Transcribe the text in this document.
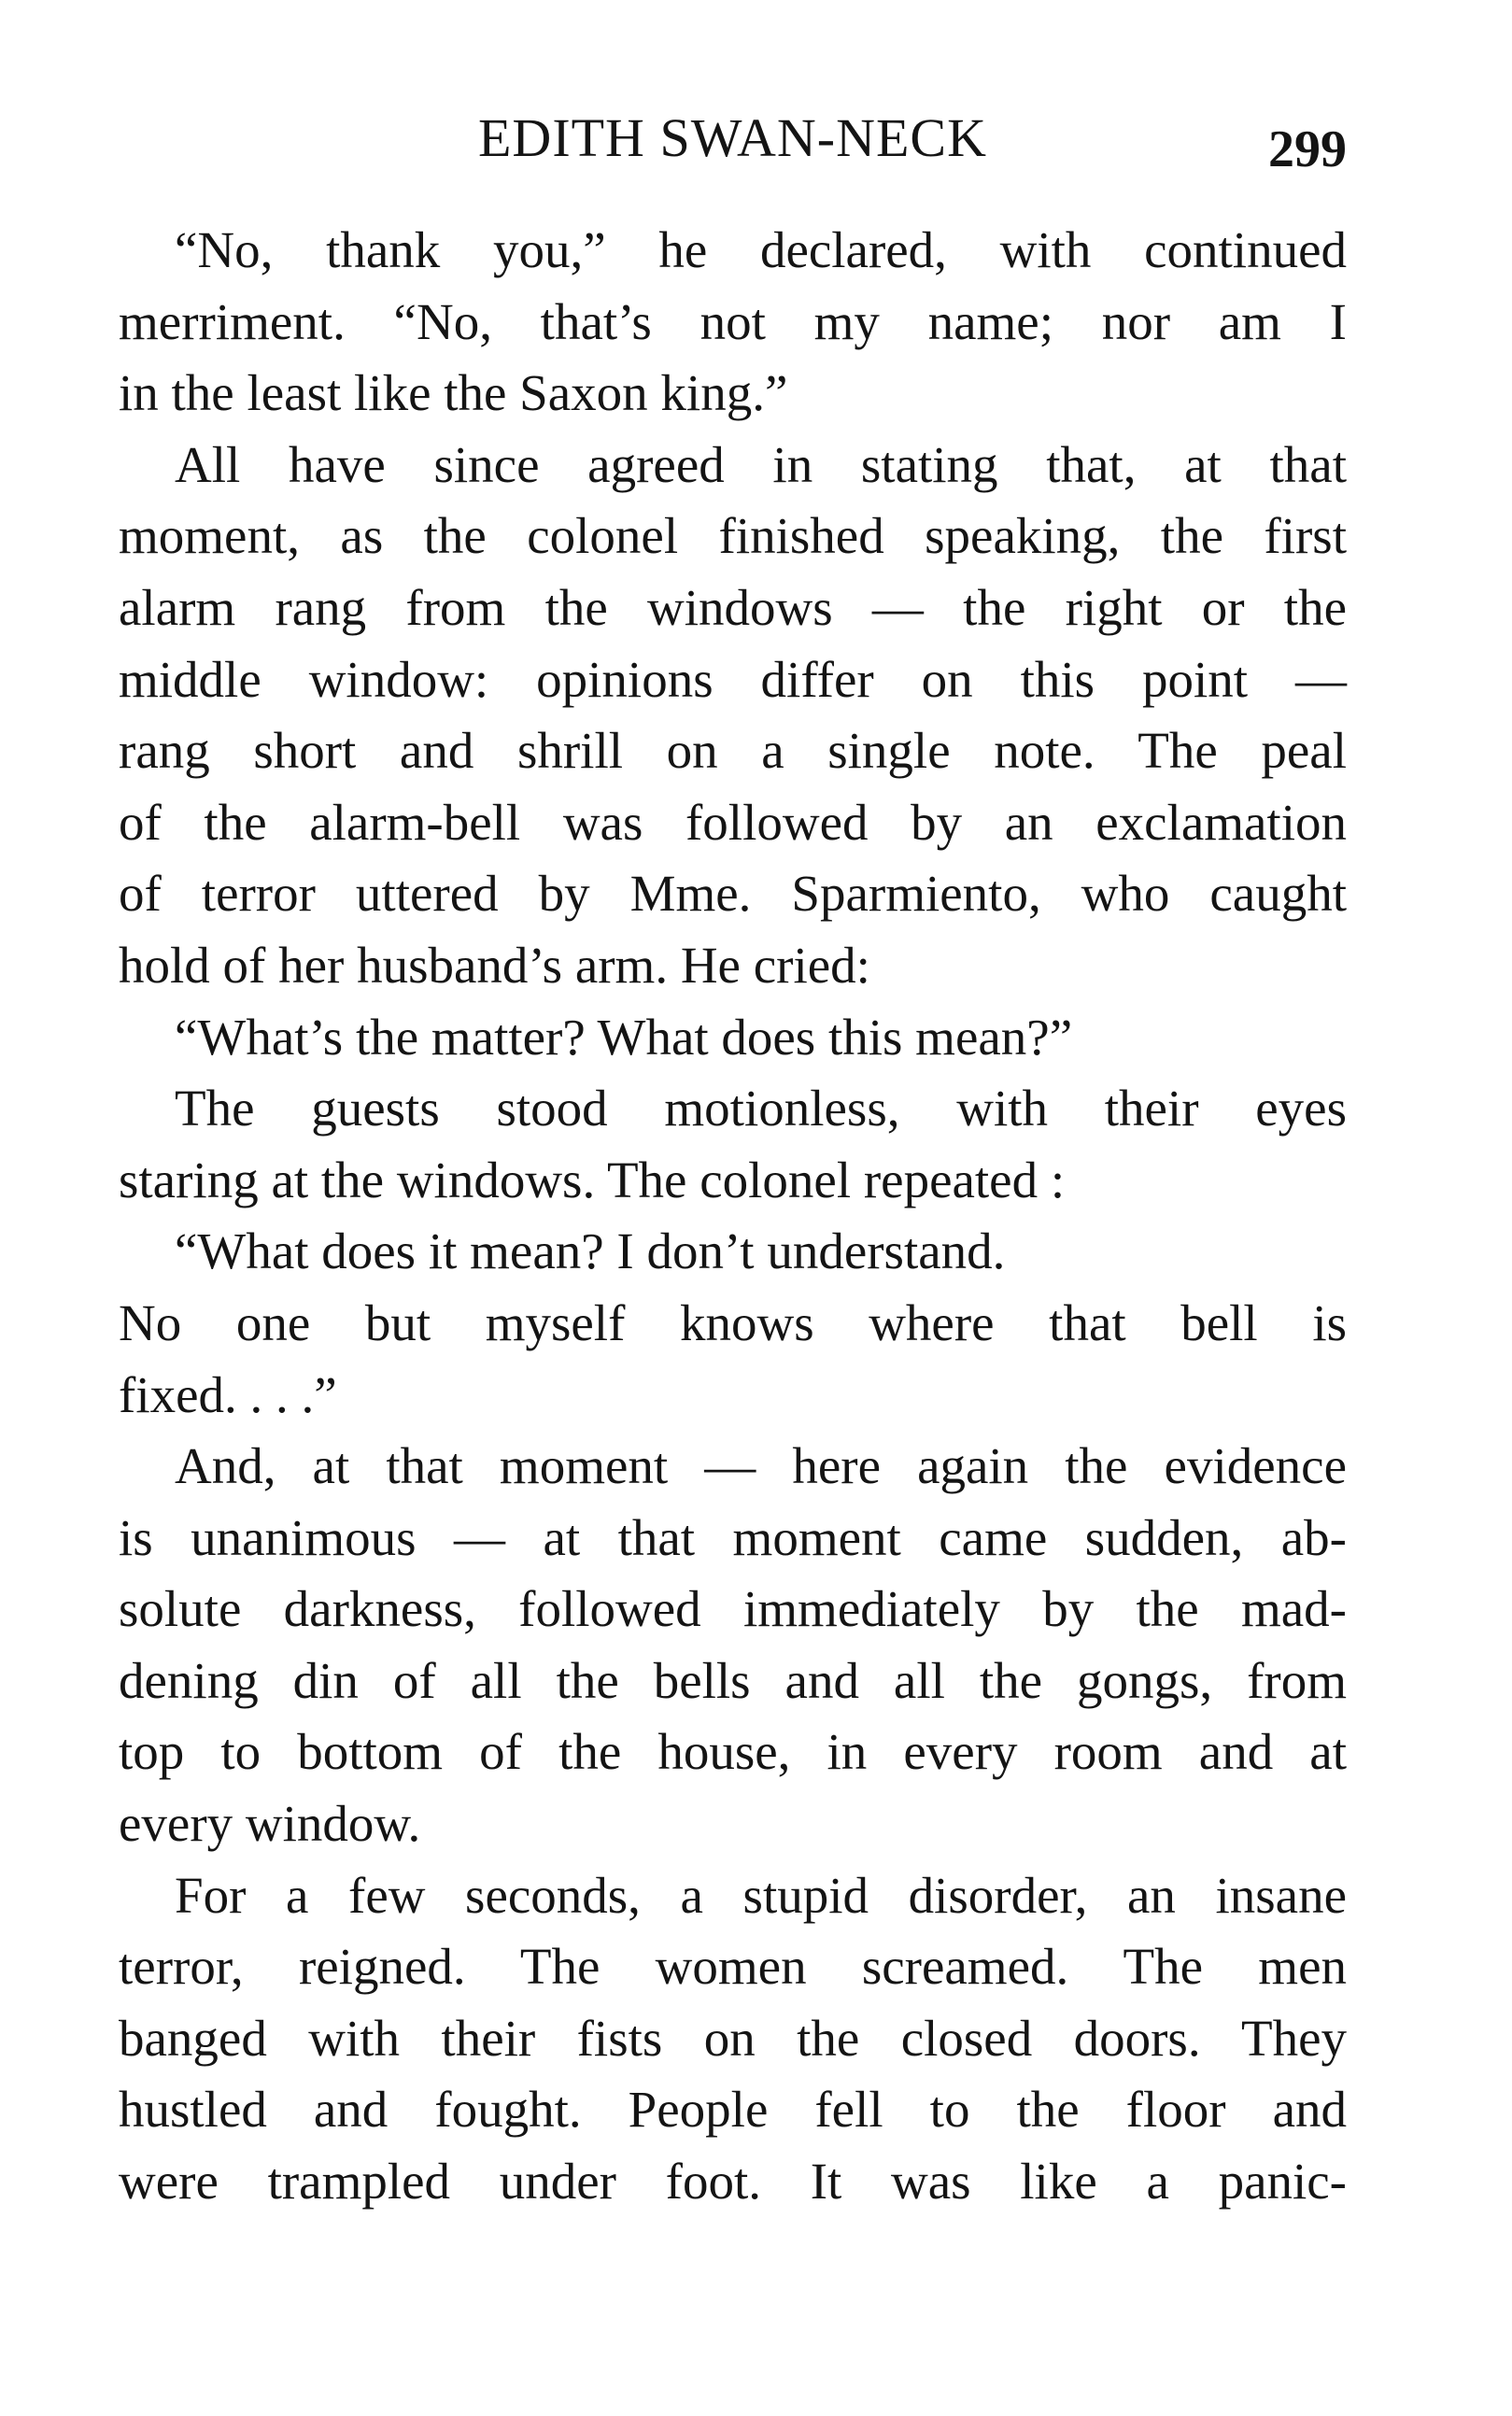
EDITH SWAN-NECK	299
“No, thank you,” he declared, with continued
merriment. “No, that’s not my name; nor am I
in the least like the Saxon king.”
All have since agreed in stating that, at that
moment, as the colonel finished speaking, the first
alarm rang from the windows — the right or the
middle window: opinions differ on this point —
rang short and shrill on a single note. The peal
of the alarm-bell was followed by an exclamation
of terror uttered by Mme. Sparmiento, who caught
hold of her husband’s arm. He cried:
“What’s the matter? What does this mean?”
The guests stood motionless, with their eyes
staring at the windows. The colonel repeated :
“What does it mean? I don’t understand.
No one but myself knows where that bell is
fixed. . . .”
And, at that moment — here again the evidence
is unanimous — at that moment came sudden, ab-
solute darkness, followed immediately by the mad-
dening din of all the bells and all the gongs, from
top to bottom of the house, in every room and at
every window.
For a few seconds, a stupid disorder, an insane
terror, reigned. The women screamed. The men
banged with their fists on the closed doors. They
hustled and fought. People fell to the floor and
were trampled under foot. It was like a panic-
